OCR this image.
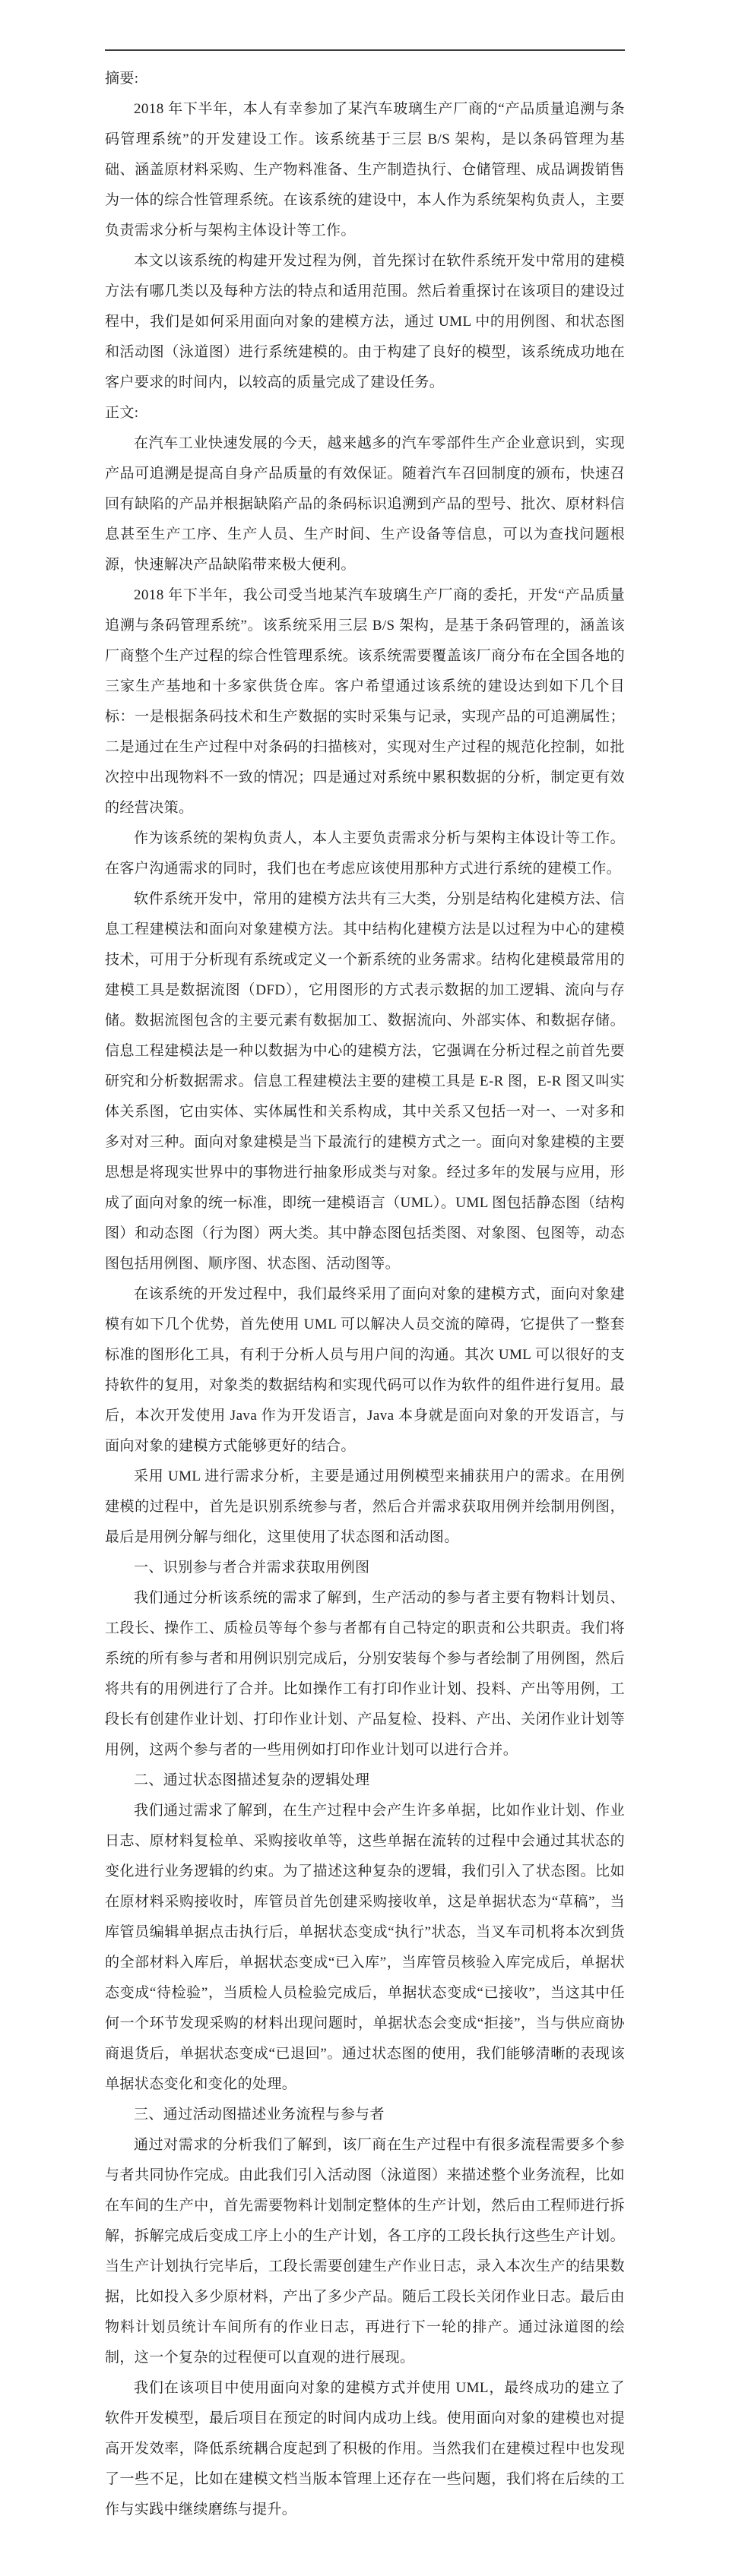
摘要:

2018 年下半年，本人有幸参加了某汽车玻璃生产厂商的“产品质量追溯与条码管理系统”的开发建设工作。该系统基于三层 B/S 架构，是以条码管理为基础、涵盖原材料采购、生产物料准备、生产制造执行、仓储管理、成品调拨销售为一体的综合性管理系统。在该系统的建设中，本人作为系统架构负责人，主要负责需求分析与架构主体设计等工作。

本文以该系统的构建开发过程为例，首先探讨在软件系统开发中常用的建模方法有哪几类以及每种方法的特点和适用范围。然后着重探讨在该项目的建设过程中，我们是如何采用面向对象的建模方法，通过 UML 中的用例图、和状态图和活动图（泳道图）进行系统建模的。由于构建了良好的模型，该系统成功地在客户要求的时间内，以较高的质量完成了建设任务。

正文:

在汽车工业快速发展的今天，越来越多的汽车零部件生产企业意识到，实现产品可追溯是提高自身产品质量的有效保证。随着汽车召回制度的颁布，快速召回有缺陷的产品并根据缺陷产品的条码标识追溯到产品的型号、批次、原材料信息甚至生产工序、生产人员、生产时间、生产设备等信息，可以为查找问题根源，快速解决产品缺陷带来极大便利。

2018 年下半年，我公司受当地某汽车玻璃生产厂商的委托，开发“产品质量追溯与条码管理系统”。该系统采用三层 B/S 架构，是基于条码管理的，涵盖该厂商整个生产过程的综合性管理系统。该系统需要覆盖该厂商分布在全国各地的三家生产基地和十多家供货仓库。客户希望通过该系统的建设达到如下几个目标：一是根据条码技术和生产数据的实时采集与记录，实现产品的可追溯属性；二是通过在生产过程中对条码的扫描核对，实现对生产过程的规范化控制，如批次控中出现物料不一致的情况；四是通过对系统中累积数据的分析，制定更有效的经营决策。

作为该系统的架构负责人，本人主要负责需求分析与架构主体设计等工作。在客户沟通需求的同时，我们也在考虑应该使用那种方式进行系统的建模工作。

软件系统开发中，常用的建模方法共有三大类，分别是结构化建模方法、信息工程建模法和面向对象建模方法。其中结构化建模方法是以过程为中心的建模技术，可用于分析现有系统或定义一个新系统的业务需求。结构化建模最常用的建模工具是数据流图（DFD），它用图形的方式表示数据的加工逻辑、流向与存储。数据流图包含的主要元素有数据加工、数据流向、外部实体、和数据存储。信息工程建模法是一种以数据为中心的建模方法，它强调在分析过程之前首先要研究和分析数据需求。信息工程建模法主要的建模工具是 E-R 图，E-R 图又叫实体关系图，它由实体、实体属性和关系构成，其中关系又包括一对一、一对多和多对对三种。面向对象建模是当下最流行的建模方式之一。面向对象建模的主要思想是将现实世界中的事物进行抽象形成类与对象。经过多年的发展与应用，形成了面向对象的统一标准，即统一建模语言（UML）。UML 图包括静态图（结构图）和动态图（行为图）两大类。其中静态图包括类图、对象图、包图等，动态图包括用例图、顺序图、状态图、活动图等。

在该系统的开发过程中，我们最终采用了面向对象的建模方式，面向对象建模有如下几个优势，首先使用 UML 可以解决人员交流的障碍，它提供了一整套标准的图形化工具，有利于分析人员与用户间的沟通。其次 UML 可以很好的支持软件的复用，对象类的数据结构和实现代码可以作为软件的组件进行复用。最后，本次开发使用 Java 作为开发语言，Java 本身就是面向对象的开发语言，与面向对象的建模方式能够更好的结合。

采用 UML 进行需求分析，主要是通过用例模型来捕获用户的需求。在用例建模的过程中，首先是识别系统参与者，然后合并需求获取用例并绘制用例图，最后是用例分解与细化，这里使用了状态图和活动图。

一、识别参与者合并需求获取用例图

我们通过分析该系统的需求了解到，生产活动的参与者主要有物料计划员、工段长、操作工、质检员等每个参与者都有自己特定的职责和公共职责。我们将系统的所有参与者和用例识别完成后，分别安装每个参与者绘制了用例图，然后将共有的用例进行了合并。比如操作工有打印作业计划、投料、产出等用例，工段长有创建作业计划、打印作业计划、产品复检、投料、产出、关闭作业计划等用例，这两个参与者的一些用例如打印作业计划可以进行合并。

二、通过状态图描述复杂的逻辑处理

我们通过需求了解到，在生产过程中会产生许多单据，比如作业计划、作业日志、原材料复检单、采购接收单等，这些单据在流转的过程中会通过其状态的变化进行业务逻辑的约束。为了描述这种复杂的逻辑，我们引入了状态图。比如在原材料采购接收时，库管员首先创建采购接收单，这是单据状态为“草稿”，当库管员编辑单据点击执行后，单据状态变成“执行”状态，当叉车司机将本次到货的全部材料入库后，单据状态变成“已入库”，当库管员核验入库完成后，单据状态变成“待检验”，当质检人员检验完成后，单据状态变成“已接收”，当这其中任何一个环节发现采购的材料出现问题时，单据状态会变成“拒接”，当与供应商协商退货后，单据状态变成“已退回”。通过状态图的使用，我们能够清晰的表现该单据状态变化和变化的处理。

三、通过活动图描述业务流程与参与者

通过对需求的分析我们了解到，该厂商在生产过程中有很多流程需要多个参与者共同协作完成。由此我们引入活动图（泳道图）来描述整个业务流程，比如在车间的生产中，首先需要物料计划制定整体的生产计划，然后由工程师进行拆解，拆解完成后变成工序上小的生产计划，各工序的工段长执行这些生产计划。当生产计划执行完毕后，工段长需要创建生产作业日志，录入本次生产的结果数据，比如投入多少原材料，产出了多少产品。随后工段长关闭作业日志。最后由物料计划员统计车间所有的作业日志，再进行下一轮的排产。通过泳道图的绘制，这一个复杂的过程便可以直观的进行展现。

我们在该项目中使用面向对象的建模方式并使用 UML，最终成功的建立了软件开发模型，最后项目在预定的时间内成功上线。使用面向对象的建模也对提高开发效率，降低系统耦合度起到了积极的作用。当然我们在建模过程中也发现了一些不足，比如在建模文档当版本管理上还存在一些问题，我们将在后续的工作与实践中继续磨练与提升。
